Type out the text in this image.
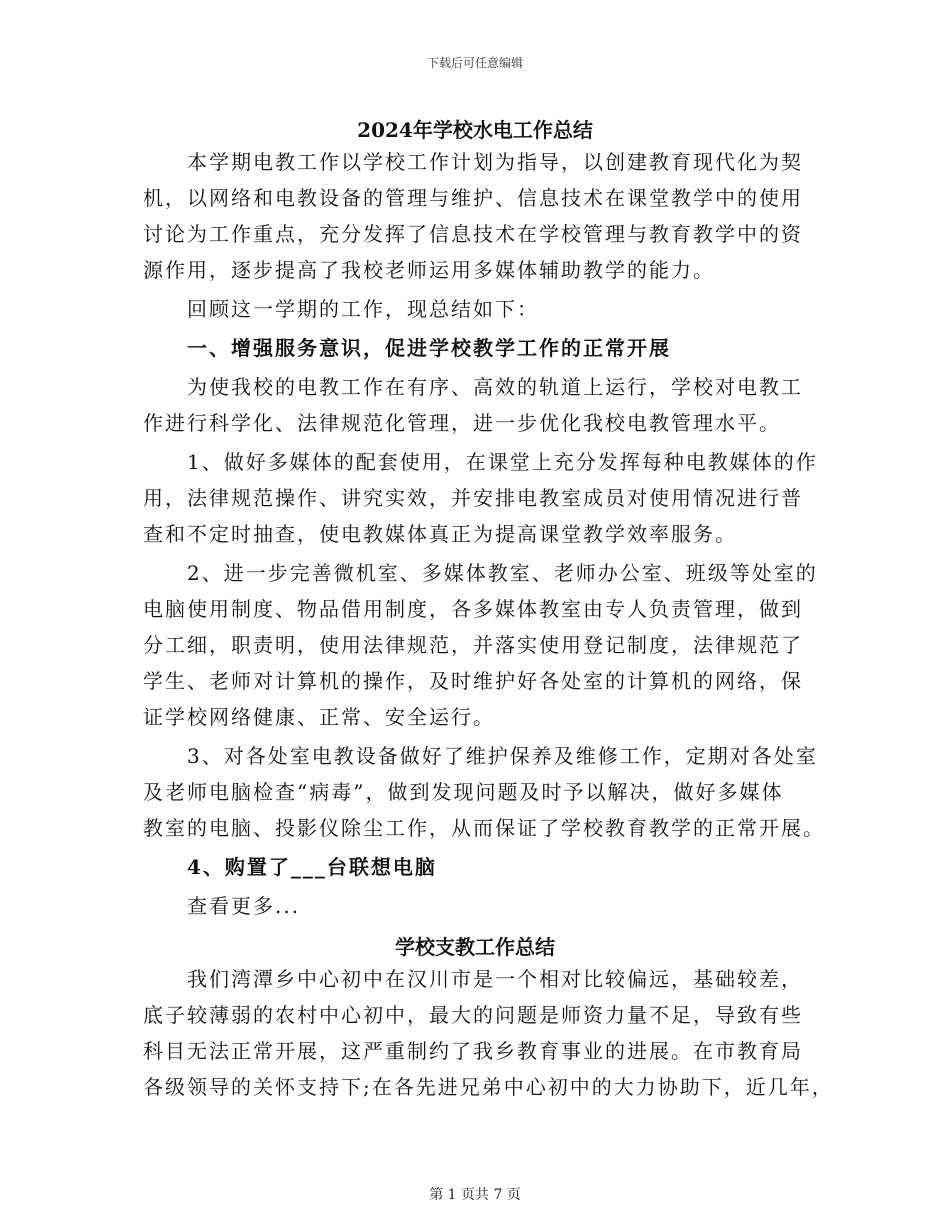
下载后可任意编辑
2024年学校水电工作总结
本学期电教工作以学校工作计划为指导，以创建教育现代化为契
机，以网络和电教设备的管理与维护、信息技术在课堂教学中的使用
讨论为工作重点，充分发挥了信息技术在学校管理与教育教学中的资
源作用，逐步提高了我校老师运用多媒体辅助教学的能力。
回顾这一学期的工作，现总结如下：
一、增强服务意识，促进学校教学工作的正常开展
为使我校的电教工作在有序、高效的轨道上运行，学校对电教工
作进行科学化、法律规范化管理，进一步优化我校电教管理水平。
1、做好多媒体的配套使用，在课堂上充分发挥每种电教媒体的作
用，法律规范操作、讲究实效，并安排电教室成员对使用情况进行普
查和不定时抽查，使电教媒体真正为提高课堂教学效率服务。
2、进一步完善微机室、多媒体教室、老师办公室、班级等处室的
电脑使用制度、物品借用制度，各多媒体教室由专人负责管理，做到
分工细，职责明，使用法律规范，并落实使用登记制度，法律规范了
学生、老师对计算机的操作，及时维护好各处室的计算机的网络，保
证学校网络健康、正常、安全运行。
3、对各处室电教设备做好了维护保养及维修工作，定期对各处室
及老师电脑检查“病毒”，做到发现问题及时予以解决，做好多媒体
教室的电脑、投影仪除尘工作，从而保证了学校教育教学的正常开展。
4、购置了___台联想电脑
查看更多...
学校支教工作总结
我们湾潭乡中心初中在汉川市是一个相对比较偏远，基础较差，
底子较薄弱的农村中心初中，最大的问题是师资力量不足，导致有些
科目无法正常开展，这严重制约了我乡教育事业的进展。在市教育局
各级领导的关怀支持下;在各先进兄弟中心初中的大力协助下，近几年，
第 1 页共 7 页
